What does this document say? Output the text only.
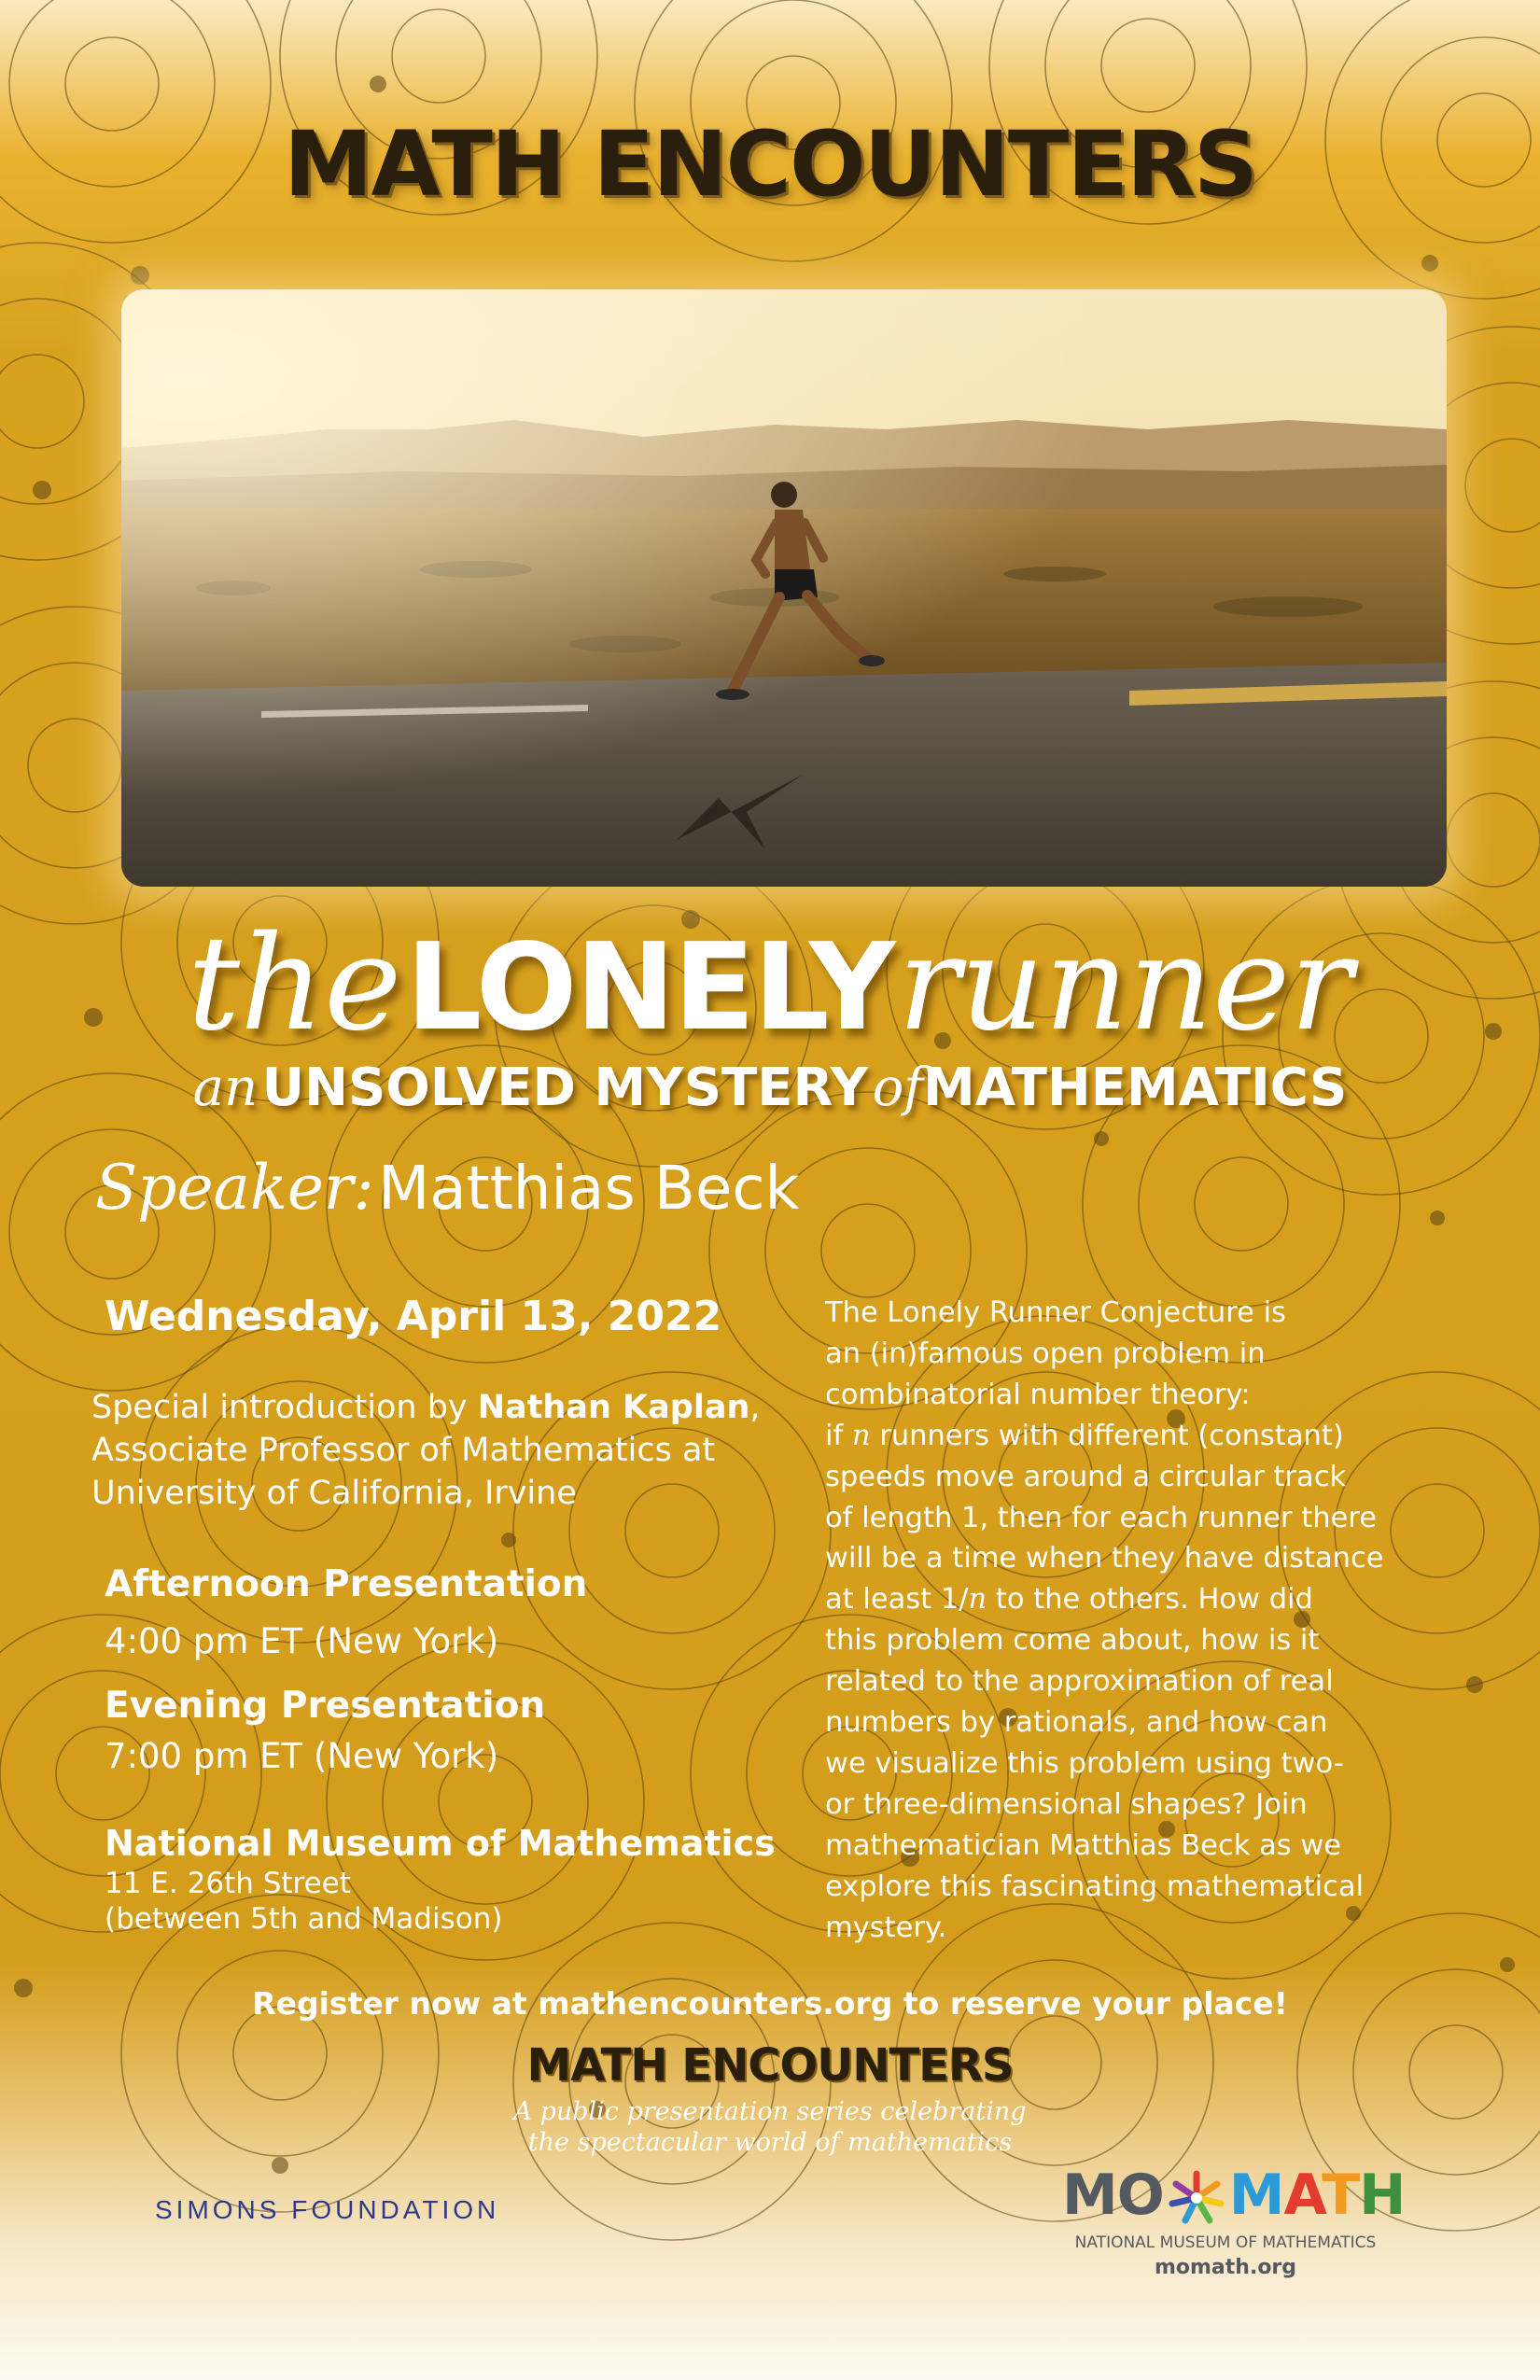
MATH ENCOUNTERS
the LONELY runner
an UNSOLVED MYSTERY ofMATHEMATICS
Speaker: Matthias Beck
Wednesday, April 13, 2022
Special introduction by Nathan Kaplan,
Associate Professor of Mathematics at
University of California, Irvine
Afternoon Presentation
4:00 pm ET (New York)
Evening Presentation
7:00 pm ET (New York)
National Museum of Mathematics
11 E. 26th Street
(between 5th and Madison)
The Lonely Runner Conjecture is
an (in)famous open problem in
combinatorial number theory:
if n runners with different (constant)
speeds move around a circular track
of length 1, then for each runner there
will be a time when they have distance
at least 1/n to the others. How did
this problem come about, how is it
related to the approximation of real
numbers by rationals, and how can
we visualize this problem using two-
or three-dimensional shapes? Join
mathematician Matthias Beck as we
explore this fascinating mathematical
mystery.
Register now at mathencounters.org to reserve your place!
MATH ENCOUNTERS
A public presentation series celebrating
the spectacular world of mathematics
SIMONS FOUNDATION	MO MATH
NATIONAL MUSEUM OF MATHEMATICS
momath.org
